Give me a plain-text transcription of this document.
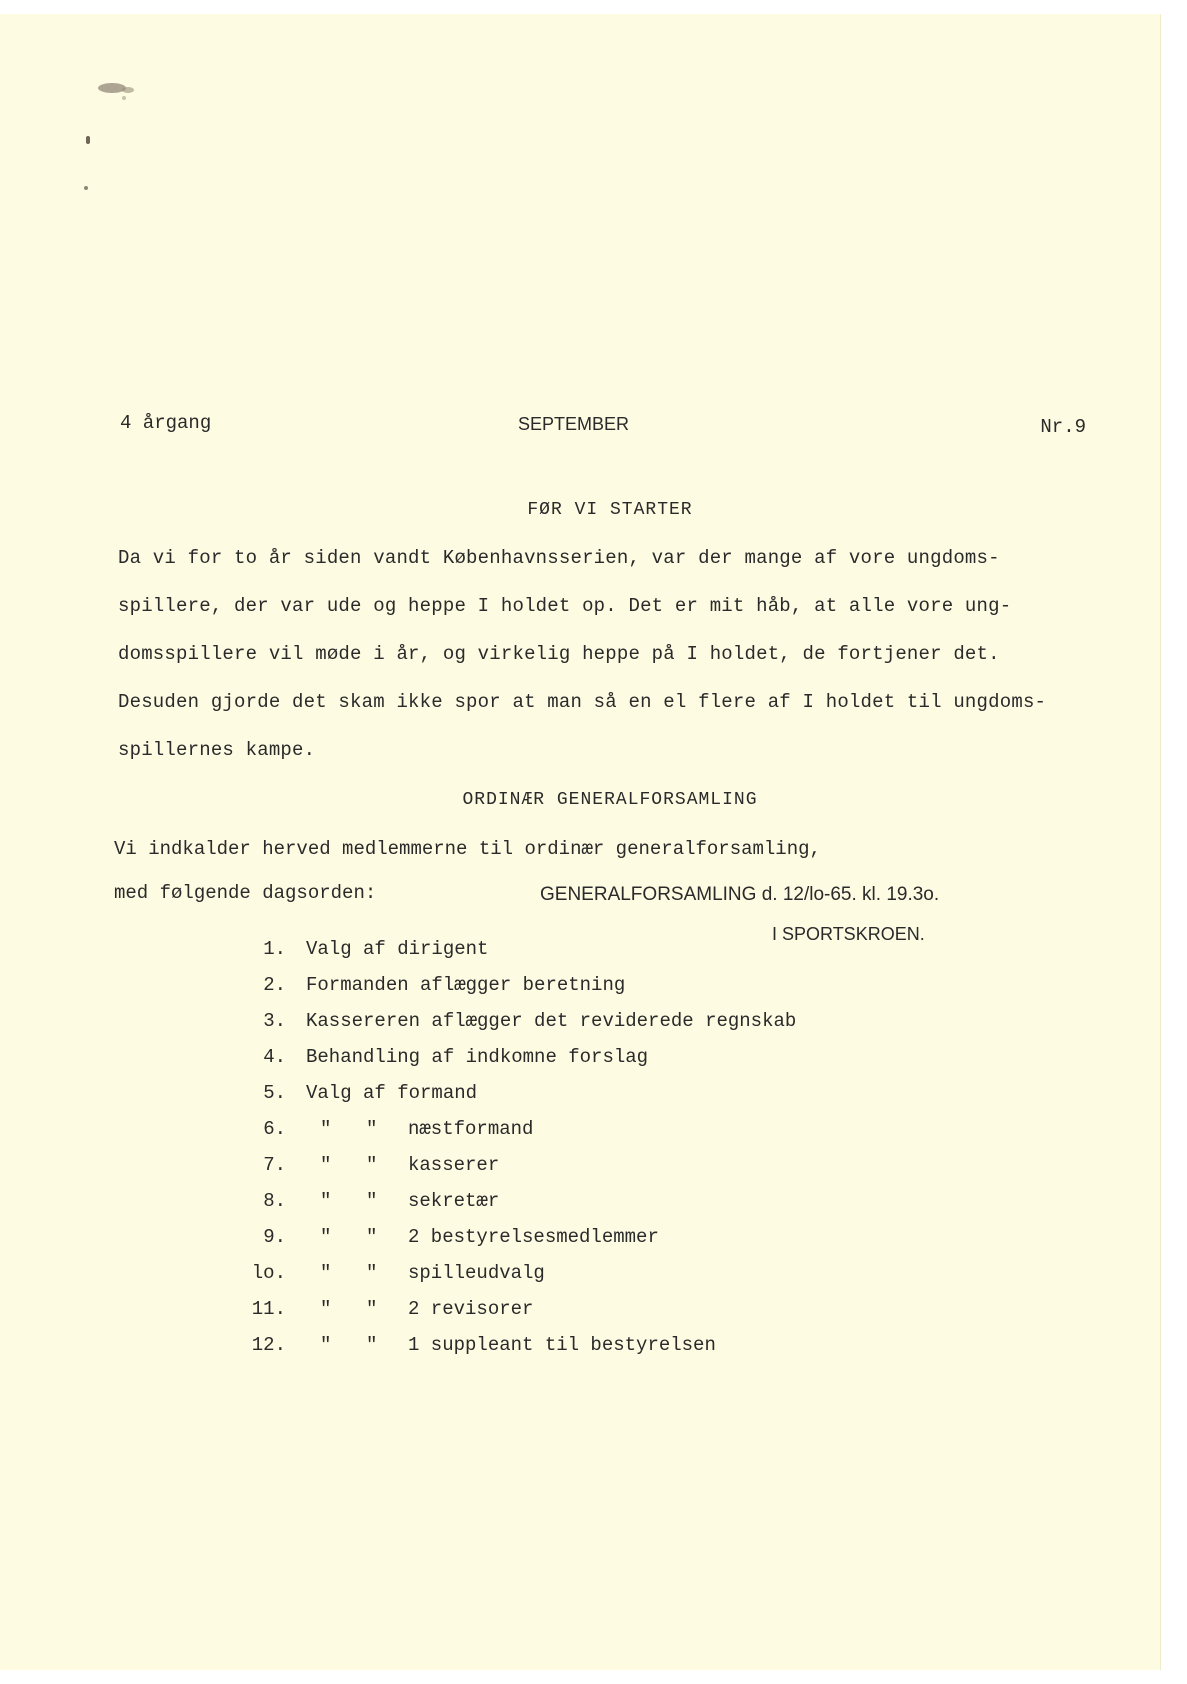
4 årgang	SEPTEMBER	Nr.9
FØR VI STARTER
Da vi for to år siden vandt Københavnsserien, var der mange af vore ungdoms-
spillere, der var ude og heppe I holdet op. Det er mit håb, at alle vore ung-
domsspillere vil møde i år, og virkelig heppe på I holdet, de fortjener det.
Desuden gjorde det skam ikke spor at man så en el flere af I holdet til ungdoms-
spillernes kampe.
ORDINÆR GENERALFORSAMLING
Vi indkalder herved medlemmerne til ordinær generalforsamling,
med følgende dagsorden:	GENERALFORSAMLING d. 12/lo-65. kl. 19.3o.
I SPORTSKROEN.
1. Valg af dirigent
2. Formanden aflægger beretning
3. Kassereren aflægger det reviderede regnskab
4. Behandling af indkomne forslag
5. Valg af formand
6. " "	næstformand
7. " "	kasserer
8. " "	sekretær
9. " "	2 bestyrelsesmedlemmer
lo. " "	spilleudvalg
11. " "	2 revisorer
12. " "	1 suppleant til bestyrelsen
